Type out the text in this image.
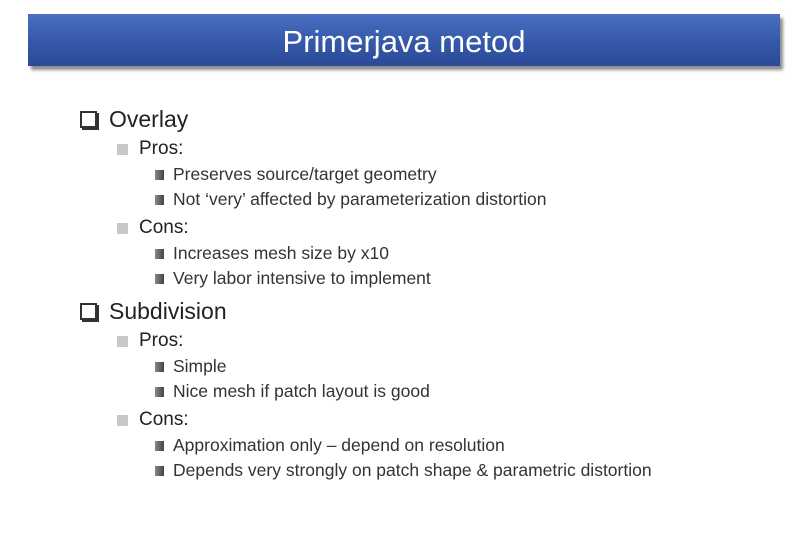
Primerjava metod
Overlay
Pros:
Preserves source/target geometry
Not ‘very’ affected by parameterization distortion
Cons:
Increases mesh size by x10
Very labor intensive to implement
Subdivision
Pros:
Simple
Nice mesh if patch layout is good
Cons:
Approximation only – depend on resolution
Depends very strongly on patch shape & parametric distortion
